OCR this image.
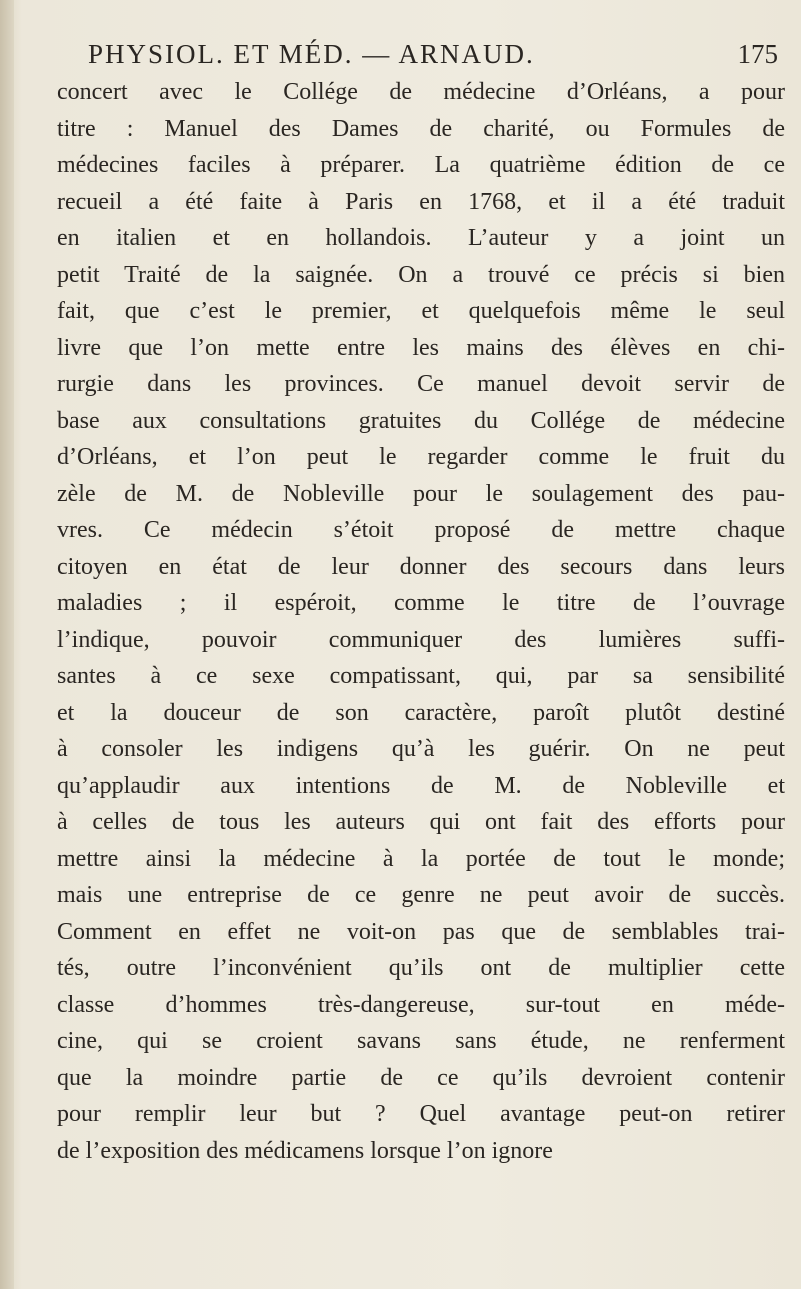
PHYSIOL. ET MÉD. — ARNAUD.	175
concert avec le Collége de médecine d’Orléans, a pour
titre : Manuel des Dames de charité, ou Formules de
médecines faciles à préparer. La quatrième édition de ce
recueil a été faite à Paris en 1768, et il a été traduit
en italien et en hollandois. L’auteur y a joint un
petit Traité de la saignée. On a trouvé ce précis si bien
fait, que c’est le premier, et quelquefois même le seul
livre que l’on mette entre les mains des élèves en chi-
rurgie dans les provinces. Ce manuel devoit servir de
base aux consultations gratuites du Collége de médecine
d’Orléans, et l’on peut le regarder comme le fruit du
zèle de M. de Nobleville pour le soulagement des pau-
vres. Ce médecin s’étoit proposé de mettre chaque
citoyen en état de leur donner des secours dans leurs
maladies ; il espéroit, comme le titre de l’ouvrage
l’indique, pouvoir communiquer des lumières suffi-
santes à ce sexe compatissant, qui, par sa sensibilité
et la douceur de son caractère, paroît plutôt destiné
à consoler les indigens qu’à les guérir. On ne peut
qu’applaudir aux intentions de M. de Nobleville et
à celles de tous les auteurs qui ont fait des efforts pour
mettre ainsi la médecine à la portée de tout le monde;
mais une entreprise de ce genre ne peut avoir de succès.
Comment en effet ne voit-on pas que de semblables trai-
tés, outre l’inconvénient qu’ils ont de multiplier cette
classe d’hommes très-dangereuse, sur-tout en méde-
cine, qui se croient savans sans étude, ne renferment
que la moindre partie de ce qu’ils devroient contenir
pour remplir leur but ? Quel avantage peut-on retirer
de l’exposition des médicamens lorsque l’on ignore
